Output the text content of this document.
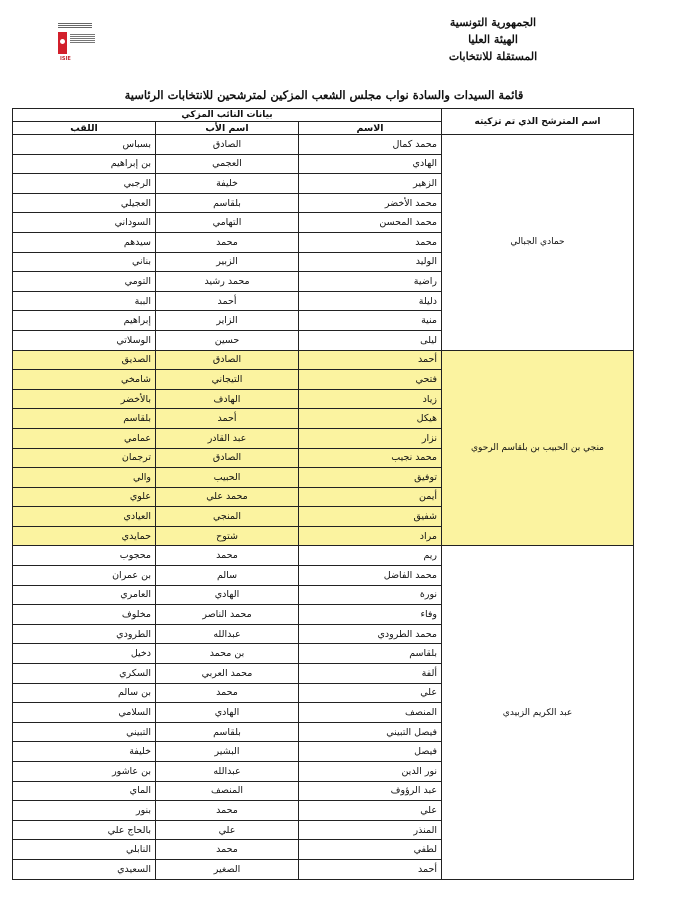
الجمهورية التونسية
الهيئة العليا
المستقلة للانتخابات
ISIE
قائمة السيدات والسادة نواب مجلس الشعب المزكين لمترشحين للانتخابات الرئاسية
اسم المترشح الذي تم تزكيته	بيانات النائب المزكي		
	الاسم	اسم الأب	اللقب
حمادي الجبالي	محمد كمال	الصادق	بسباس
	الهادي	العجمي	بن إبراهيم
	الزهير	خليفة	الرجبي
	محمد الأخضر	بلقاسم	العجيلي
	محمد المحسن	التهامي	السوداني
	محمد	محمد	سيدهم
	الوليد	الزبير	بناني
	راضية	محمد رشيد	التومي
	دليلة	أحمد	الببة
	منية	الزاير	إبراهيم
	ليلى	حسين	الوسلاتي
منجي بن الحبيب بن بلقاسم الرحوي	أحمد	الصادق	الصديق
	فتحي	التيجاني	شامخي
	زياد	الهادف	بالأخضر
	هيكل	أحمد	بلقاسم
	نزار	عبد القادر	عمامي
	محمد نجيب	الصادق	ترجمان
	توفيق	الحبيب	والي
	أيمن	محمد علي	علوي
	شفيق	المنجي	العيادي
	مراد	شتوح	حمايدي
عبد الكريم الزبيدي	ريم	محمد	محجوب
	محمد الفاضل	سالم	بن عمران
	نورة	الهادي	العامري
	وفاء	محمد الناصر	مخلوف
	محمد الطرودي	عبدالله	الطرودي
	بلقاسم	بن محمد	دخيل
	ألفة	محمد العربي	السكري
	علي	محمد	بن سالم
	المنصف	الهادي	السلامي
	فيصل التبيني	بلقاسم	التبيني
	فيصل	البشير	خليفة
	نور الدين	عبدالله	بن عاشور
	عبد الرؤوف	المنصف	الماي
	علي	محمد	بنور
	المنذر	علي	بالحاج علي
	لطفي	محمد	النابلي
	أحمد	الصغير	السعيدي
